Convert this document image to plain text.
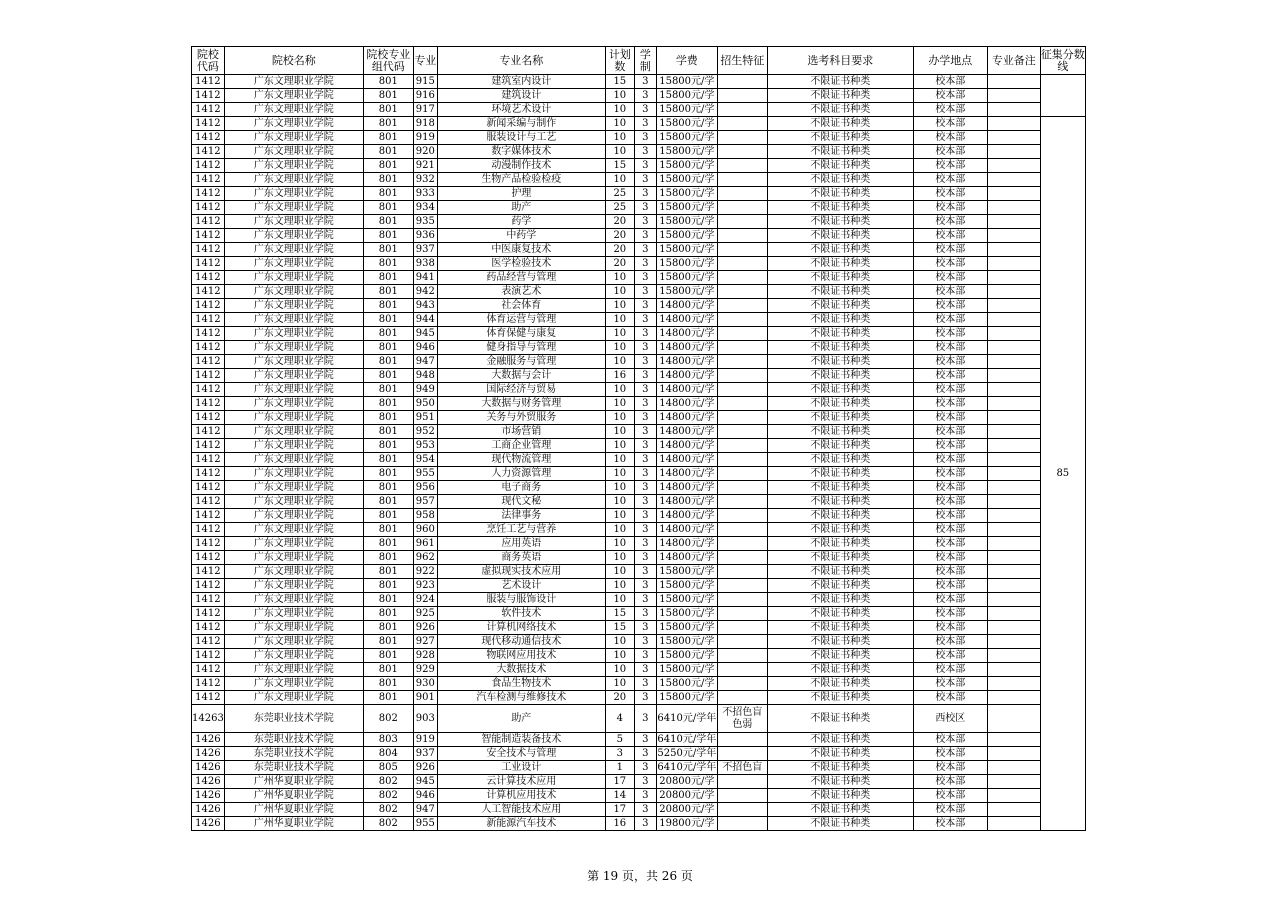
院校代码	院校名称	院校专业组代码	专业	专业名称	计划数	学制	学费	招生特征	选考科目要求	办学地点	专业备注	征集分数线
1412	广东文理职业学院	801	915	建筑室内设计	15	3	15800元/学		不限证书种类	校本部		
1412	广东文理职业学院	801	916	建筑设计	10	3	15800元/学		不限证书种类	校本部		
1412	广东文理职业学院	801	917	环境艺术设计	10	3	15800元/学		不限证书种类	校本部		
1412	广东文理职业学院	801	918	新闻采编与制作	10	3	15800元/学		不限证书种类	校本部		85
1412	广东文理职业学院	801	919	服装设计与工艺	10	3	15800元/学		不限证书种类	校本部		
1412	广东文理职业学院	801	920	数字媒体技术	10	3	15800元/学		不限证书种类	校本部		
1412	广东文理职业学院	801	921	动漫制作技术	15	3	15800元/学		不限证书种类	校本部		
1412	广东文理职业学院	801	932	生物产品检验检疫	10	3	15800元/学		不限证书种类	校本部		
1412	广东文理职业学院	801	933	护理	25	3	15800元/学		不限证书种类	校本部		
1412	广东文理职业学院	801	934	助产	25	3	15800元/学		不限证书种类	校本部		
1412	广东文理职业学院	801	935	药学	20	3	15800元/学		不限证书种类	校本部		
1412	广东文理职业学院	801	936	中药学	20	3	15800元/学		不限证书种类	校本部		
1412	广东文理职业学院	801	937	中医康复技术	20	3	15800元/学		不限证书种类	校本部		
1412	广东文理职业学院	801	938	医学检验技术	20	3	15800元/学		不限证书种类	校本部		
1412	广东文理职业学院	801	941	药品经营与管理	10	3	15800元/学		不限证书种类	校本部		
1412	广东文理职业学院	801	942	表演艺术	10	3	15800元/学		不限证书种类	校本部		
1412	广东文理职业学院	801	943	社会体育	10	3	14800元/学		不限证书种类	校本部		
1412	广东文理职业学院	801	944	体育运营与管理	10	3	14800元/学		不限证书种类	校本部		
1412	广东文理职业学院	801	945	体育保健与康复	10	3	14800元/学		不限证书种类	校本部		
1412	广东文理职业学院	801	946	健身指导与管理	10	3	14800元/学		不限证书种类	校本部		
1412	广东文理职业学院	801	947	金融服务与管理	10	3	14800元/学		不限证书种类	校本部		
1412	广东文理职业学院	801	948	大数据与会计	16	3	14800元/学		不限证书种类	校本部		
1412	广东文理职业学院	801	949	国际经济与贸易	10	3	14800元/学		不限证书种类	校本部		
1412	广东文理职业学院	801	950	大数据与财务管理	10	3	14800元/学		不限证书种类	校本部		
1412	广东文理职业学院	801	951	关务与外贸服务	10	3	14800元/学		不限证书种类	校本部		
1412	广东文理职业学院	801	952	市场营销	10	3	14800元/学		不限证书种类	校本部		
1412	广东文理职业学院	801	953	工商企业管理	10	3	14800元/学		不限证书种类	校本部		
1412	广东文理职业学院	801	954	现代物流管理	10	3	14800元/学		不限证书种类	校本部		
1412	广东文理职业学院	801	955	人力资源管理	10	3	14800元/学		不限证书种类	校本部		
1412	广东文理职业学院	801	956	电子商务	10	3	14800元/学		不限证书种类	校本部		
1412	广东文理职业学院	801	957	现代文秘	10	3	14800元/学		不限证书种类	校本部		
1412	广东文理职业学院	801	958	法律事务	10	3	14800元/学		不限证书种类	校本部		
1412	广东文理职业学院	801	960	烹饪工艺与营养	10	3	14800元/学		不限证书种类	校本部		
1412	广东文理职业学院	801	961	应用英语	10	3	14800元/学		不限证书种类	校本部		
1412	广东文理职业学院	801	962	商务英语	10	3	14800元/学		不限证书种类	校本部		
1412	广东文理职业学院	801	922	虚拟现实技术应用	10	3	15800元/学		不限证书种类	校本部		
1412	广东文理职业学院	801	923	艺术设计	10	3	15800元/学		不限证书种类	校本部		
1412	广东文理职业学院	801	924	服装与服饰设计	10	3	15800元/学		不限证书种类	校本部		
1412	广东文理职业学院	801	925	软件技术	15	3	15800元/学		不限证书种类	校本部		
1412	广东文理职业学院	801	926	计算机网络技术	15	3	15800元/学		不限证书种类	校本部		
1412	广东文理职业学院	801	927	现代移动通信技术	10	3	15800元/学		不限证书种类	校本部		
1412	广东文理职业学院	801	928	物联网应用技术	10	3	15800元/学		不限证书种类	校本部		
1412	广东文理职业学院	801	929	大数据技术	10	3	15800元/学		不限证书种类	校本部		
1412	广东文理职业学院	801	930	食品生物技术	10	3	15800元/学		不限证书种类	校本部		
1412	广东文理职业学院	801	901	汽车检测与维修技术	20	3	15800元/学		不限证书种类	校本部		
14263	东莞职业技术学院	802	903	助产	4	3	6410元/学年	不招色盲色弱	不限证书种类	西校区		
1426	东莞职业技术学院	803	919	智能制造装备技术	5	3	6410元/学年		不限证书种类	校本部		
1426	东莞职业技术学院	804	937	安全技术与管理	3	3	5250元/学年		不限证书种类	校本部		
1426	东莞职业技术学院	805	926	工业设计	1	3	6410元/学年	不招色盲	不限证书种类	校本部		
1426	广州华夏职业学院	802	945	云计算技术应用	17	3	20800元/学		不限证书种类	校本部		
1426	广州华夏职业学院	802	946	计算机应用技术	14	3	20800元/学		不限证书种类	校本部		
1426	广州华夏职业学院	802	947	人工智能技术应用	17	3	20800元/学		不限证书种类	校本部		
1426	广州华夏职业学院	802	955	新能源汽车技术	16	3	19800元/学		不限证书种类	校本部		
第 19 页，共 26 页
